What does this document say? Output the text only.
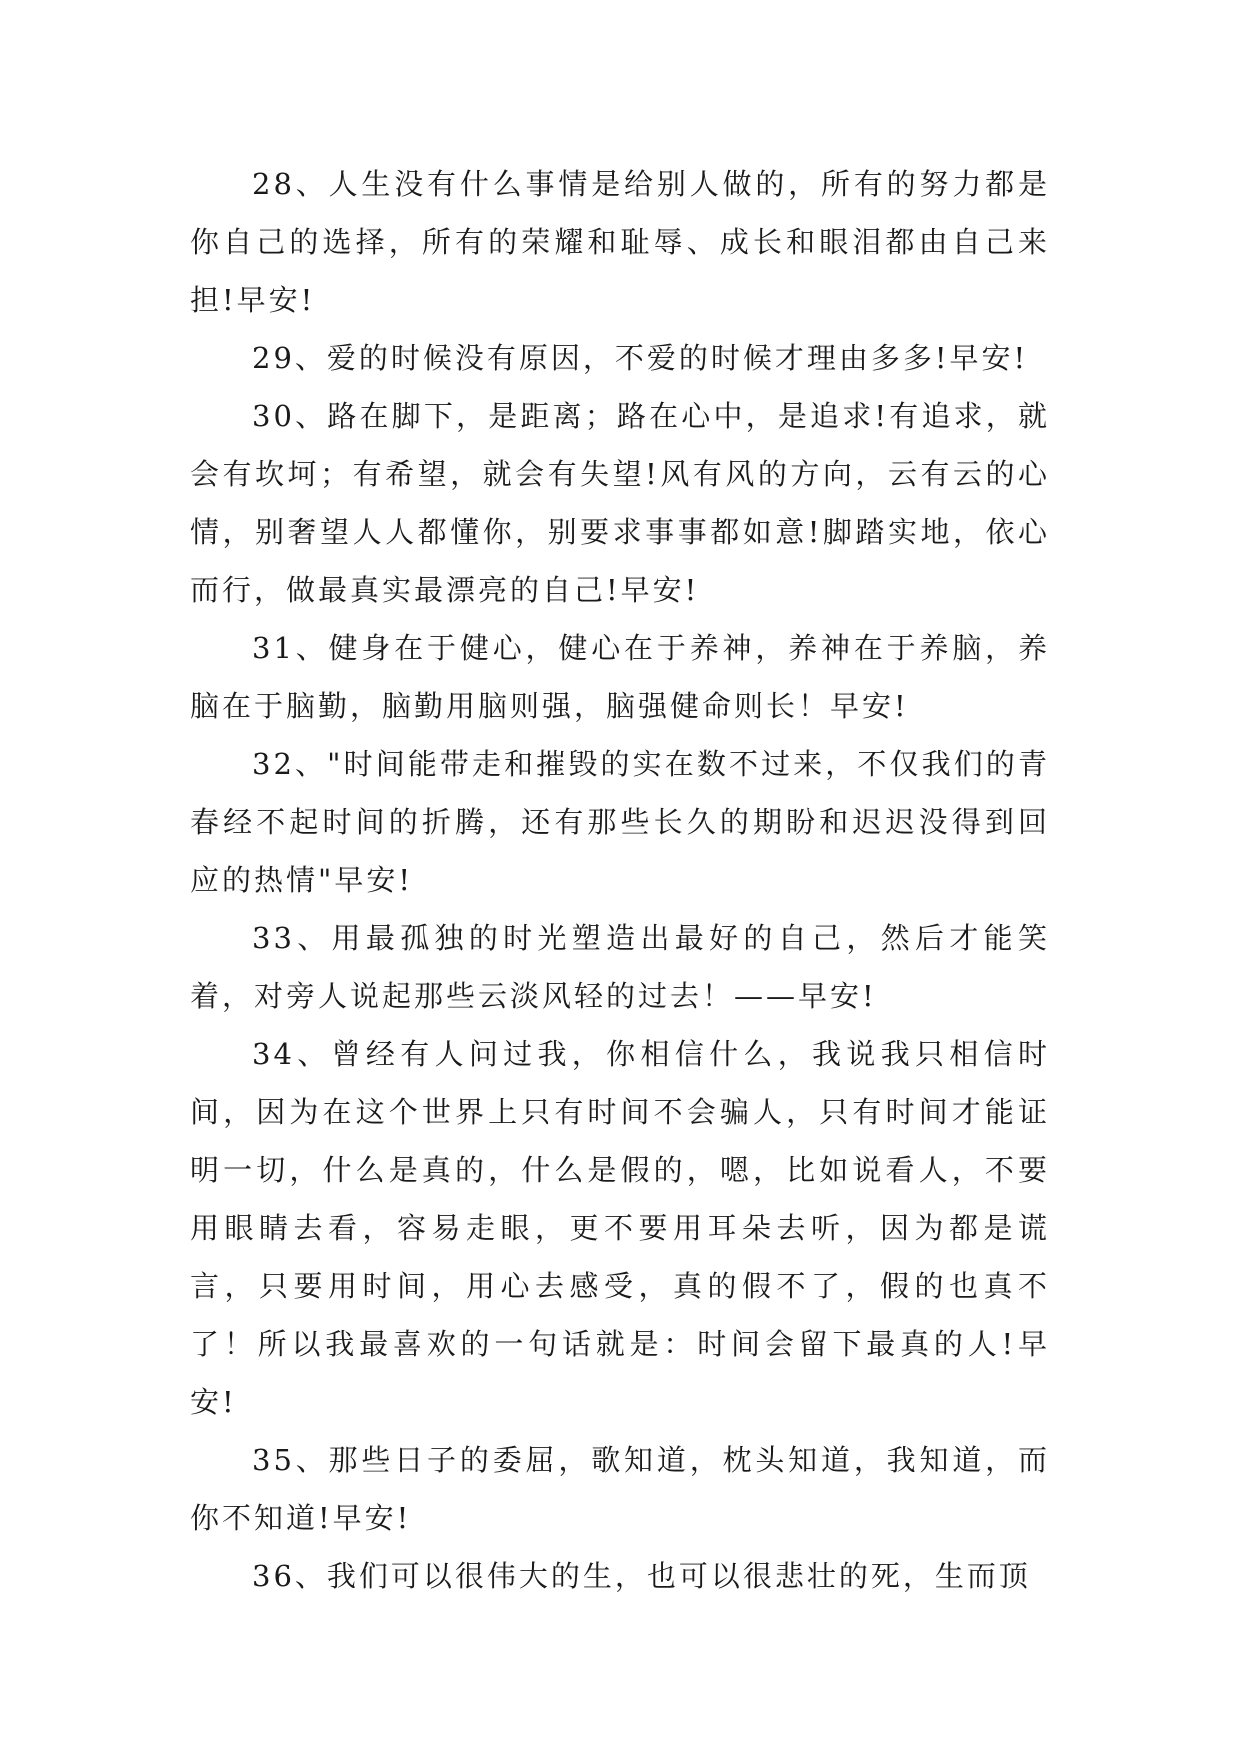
28、人生没有什么事情是给别人做的，所有的努力都是你自己的选择，所有的荣耀和耻辱、成长和眼泪都由自己来担!早安!

29、爱的时候没有原因，不爱的时候才理由多多!早安!

30、路在脚下，是距离；路在心中，是追求!有追求，就会有坎坷；有希望，就会有失望!风有风的方向，云有云的心情，别奢望人人都懂你，别要求事事都如意!脚踏实地，依心而行，做最真实最漂亮的自己!早安!

31、健身在于健心，健心在于养神，养神在于养脑，养脑在于脑勤，脑勤用脑则强，脑强健命则长！早安!

32、"时间能带走和摧毁的实在数不过来，不仅我们的青春经不起时间的折腾，还有那些长久的期盼和迟迟没得到回应的热情"早安!

33、用最孤独的时光塑造出最好的自己，然后才能笑着，对旁人说起那些云淡风轻的过去！——早安!

34、曾经有人问过我，你相信什么，我说我只相信时间，因为在这个世界上只有时间不会骗人，只有时间才能证明一切，什么是真的，什么是假的，嗯，比如说看人，不要用眼睛去看，容易走眼，更不要用耳朵去听，因为都是谎言，只要用时间，用心去感受，真的假不了，假的也真不了！所以我最喜欢的一句话就是：时间会留下最真的人!早安!

35、那些日子的委屈，歌知道，枕头知道，我知道，而你不知道!早安!

36、我们可以很伟大的生，也可以很悲壮的死，生而顶
